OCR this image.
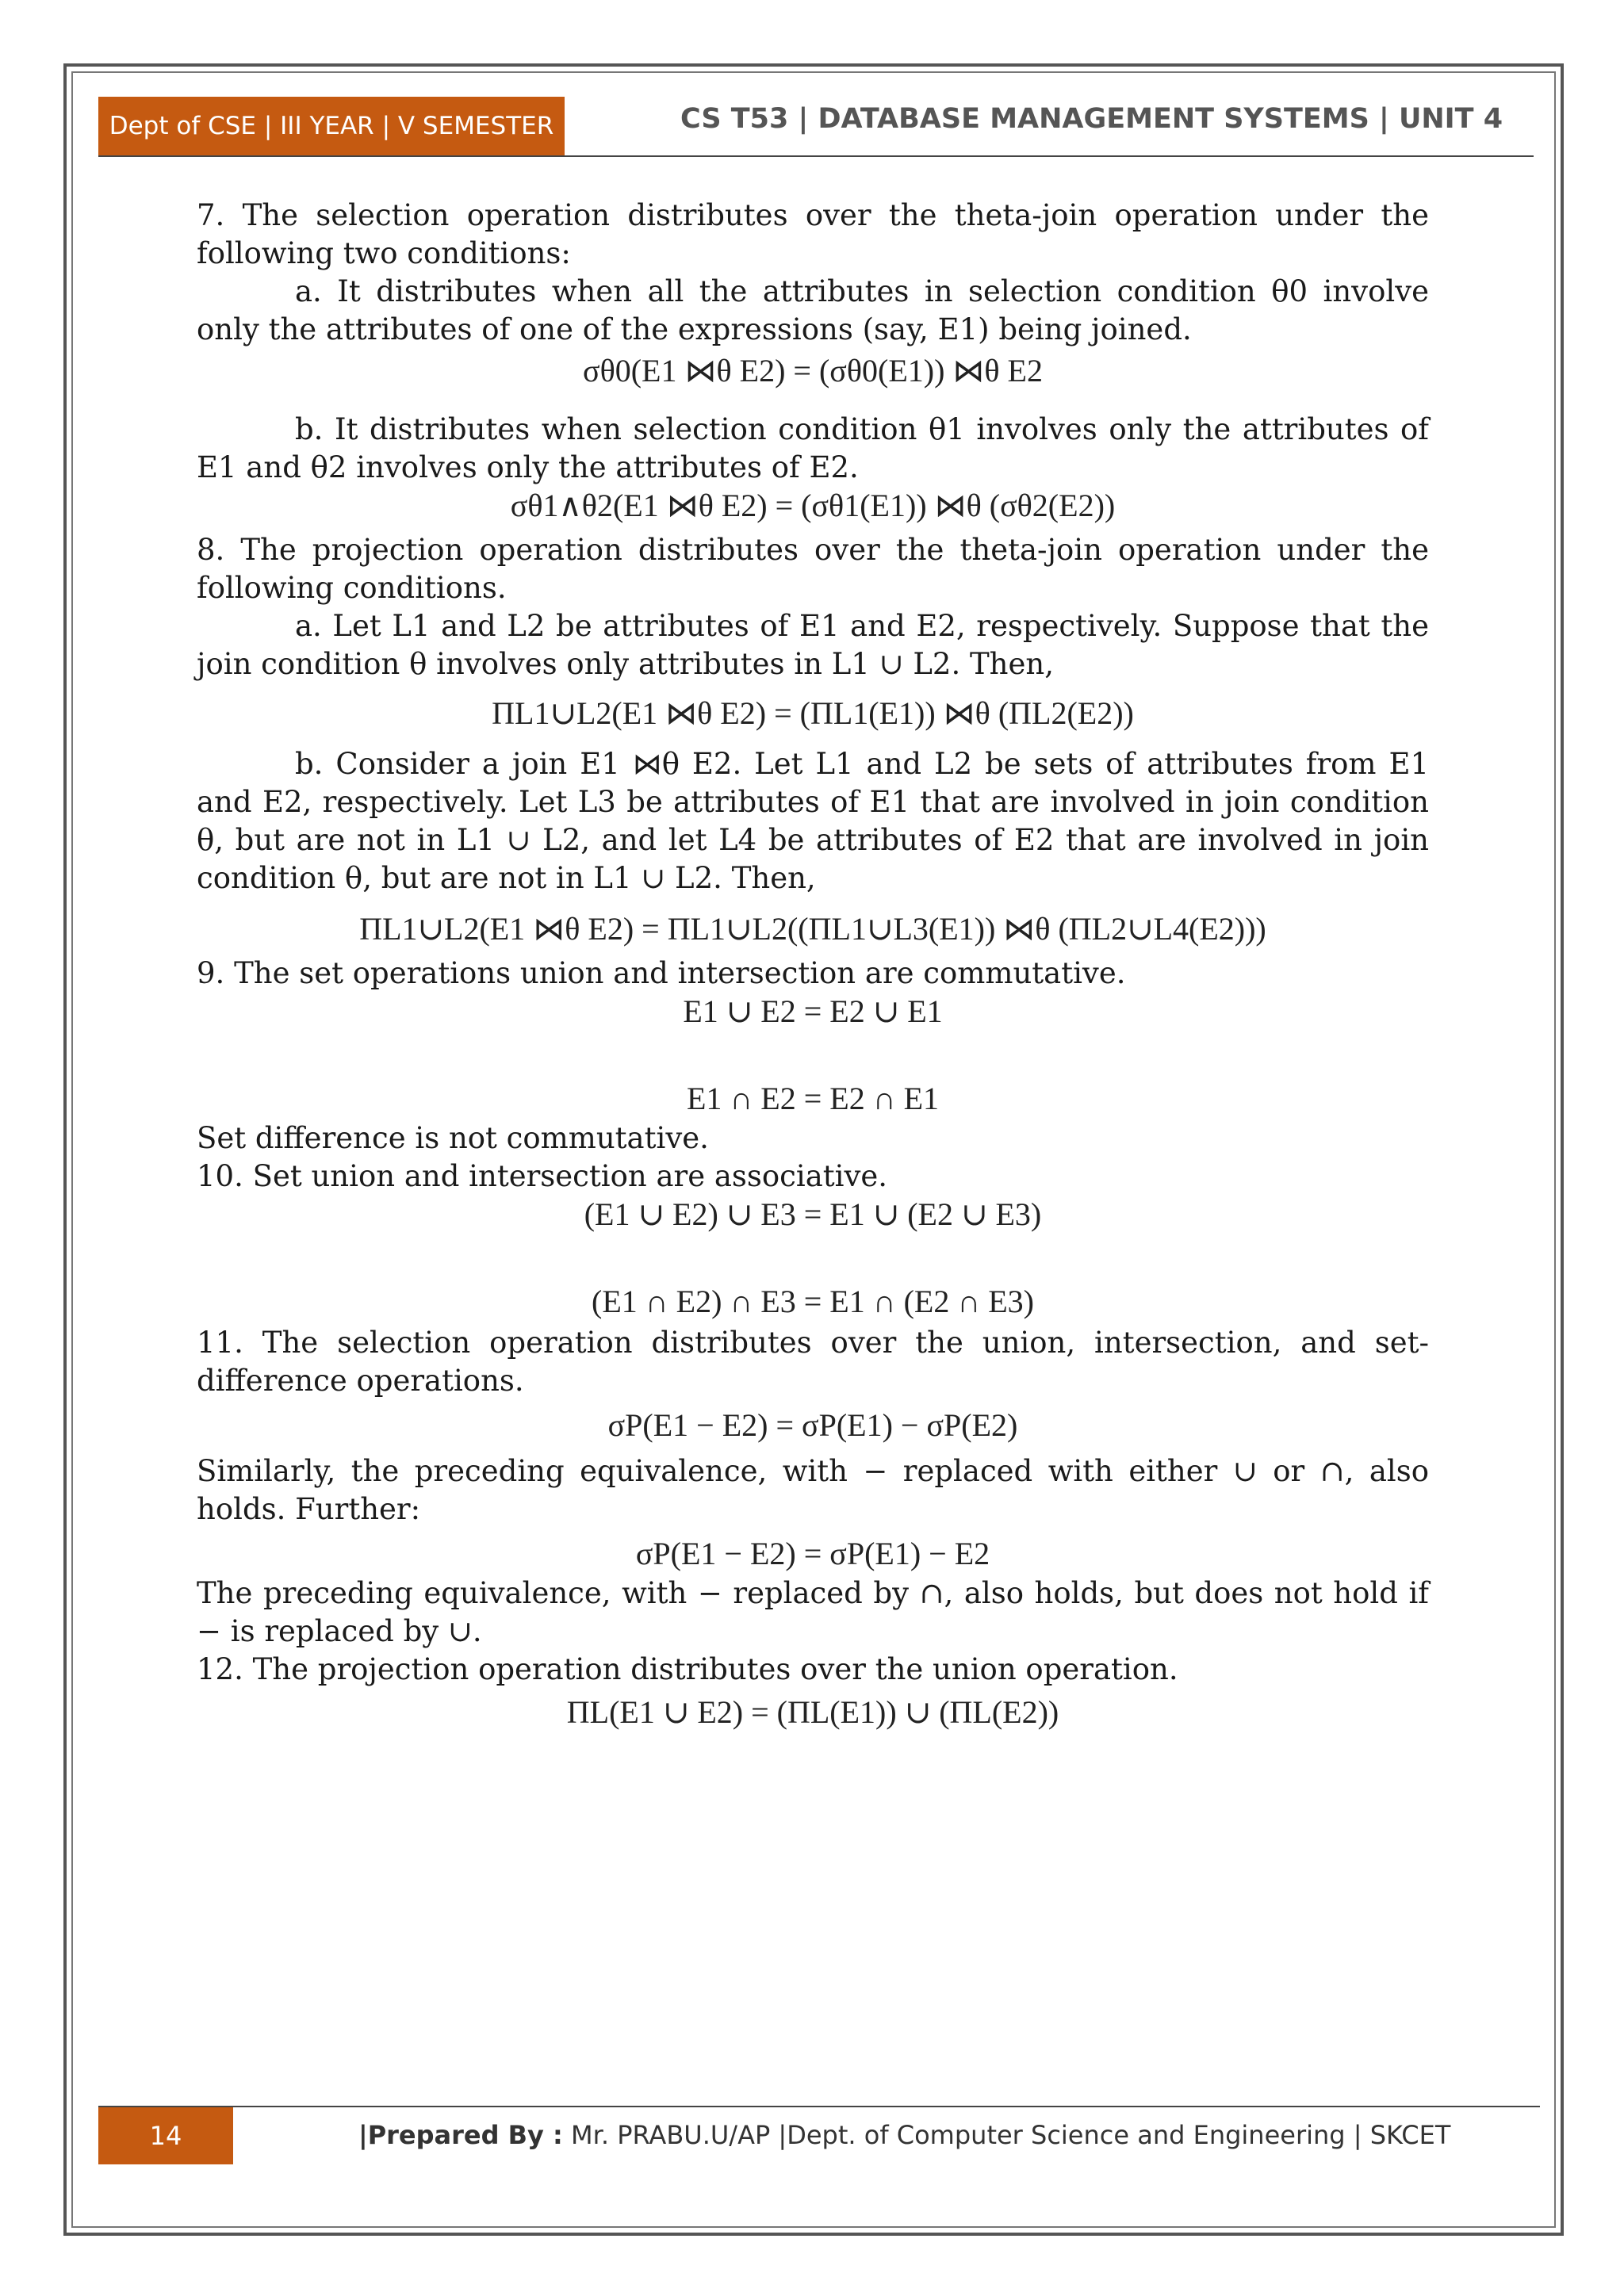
Dept of CSE | III YEAR | V SEMESTER	CS T53 | DATABASE MANAGEMENT SYSTEMS | UNIT 4

7. The selection operation distributes over the theta-join operation under the following two conditions:

a. It distributes when all the attributes in selection condition θ0 involve only the attributes of one of the expressions (say, E1) being joined.

σθ0(E1 ⋈θ E2) = (σθ0(E1)) ⋈θ E2

b. It distributes when selection condition θ1 involves only the attributes of E1 and θ2 involves only the attributes of E2.

σθ1∧θ2(E1 ⋈θ E2) = (σθ1(E1)) ⋈θ (σθ2(E2))

8. The projection operation distributes over the theta-join operation under the following conditions.

a. Let L1 and L2 be attributes of E1 and E2, respectively. Suppose that the join condition θ involves only attributes in L1 ∪ L2. Then,

ΠL1∪L2(E1 ⋈θ E2) = (ΠL1(E1)) ⋈θ (ΠL2(E2))

b. Consider a join E1 ⋈θ E2. Let L1 and L2 be sets of attributes from E1 and E2, respectively. Let L3 be attributes of E1 that are involved in join condition θ, but are not in L1 ∪ L2, and let L4 be attributes of E2 that are involved in join condition θ, but are not in L1 ∪ L2. Then,

ΠL1∪L2(E1 ⋈θ E2) = ΠL1∪L2((ΠL1∪L3(E1)) ⋈θ (ΠL2∪L4(E2)))

9. The set operations union and intersection are commutative.

E1 ∪ E2 = E2 ∪ E1
E1 ∩ E2 = E2 ∩ E1

Set difference is not commutative.

10. Set union and intersection are associative.

(E1 ∪ E2) ∪ E3 = E1 ∪ (E2 ∪ E3)
(E1 ∩ E2) ∩ E3 = E1 ∩ (E2 ∩ E3)

11. The selection operation distributes over the union, intersection, and set-difference operations.

σP(E1 − E2) = σP(E1) − σP(E2)

Similarly, the preceding equivalence, with − replaced with either ∪ or ∩, also holds. Further:

σP(E1 − E2) = σP(E1) − E2

The preceding equivalence, with − replaced by ∩, also holds, but does not hold if − is replaced by ∪.

12. The projection operation distributes over the union operation.

ΠL(E1 ∪ E2) = (ΠL(E1)) ∪ (ΠL(E2))
14	|Prepared By : Mr. PRABU.U/AP |Dept. of Computer Science and Engineering | SKCET
